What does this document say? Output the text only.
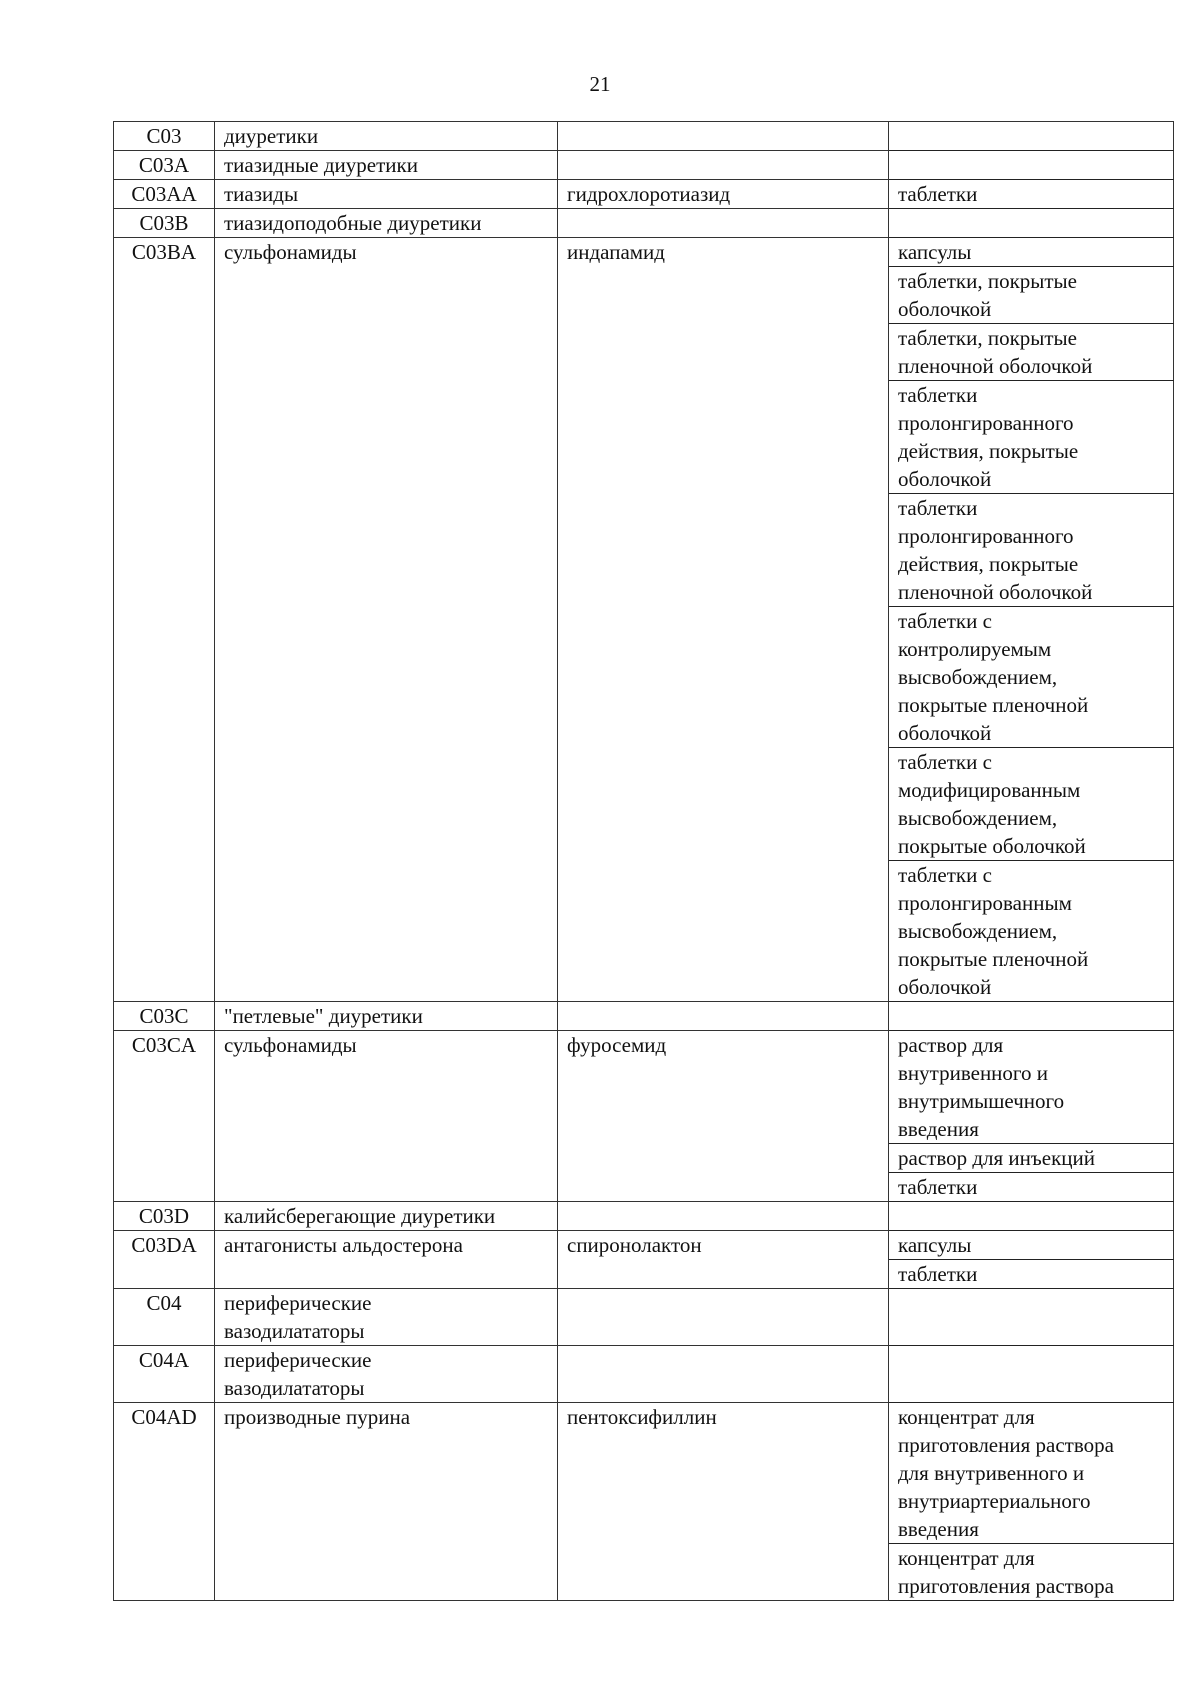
21
C03	диуретики		
C03A	тиазидные диуретики		
C03AA	тиазиды	гидрохлоротиазид	таблетки
C03B	тиазидоподобные диуретики		
C03BA	сульфонамиды	индапамид	капсулы
			таблетки, покрытые
оболочкой
			таблетки, покрытые
пленочной оболочкой
			таблетки
пролонгированного
действия, покрытые
оболочкой
			таблетки
пролонгированного
действия, покрытые
пленочной оболочкой
			таблетки с
контролируемым
высвобождением,
покрытые пленочной
оболочкой
			таблетки с
модифицированным
высвобождением,
покрытые оболочкой
			таблетки с
пролонгированным
высвобождением,
покрытые пленочной
оболочкой
C03C	"петлевые" диуретики		
C03CA	сульфонамиды	фуросемид	раствор для
внутривенного и
внутримышечного
введения
			раствор для инъекций
			таблетки
C03D	калийсберегающие диуретики		
C03DA	антагонисты альдостерона	спиронолактон	капсулы
			таблетки
C04	периферические
вазодилататоры		
C04A	периферические
вазодилататоры		
C04AD	производные пурина	пентоксифиллин	концентрат для
приготовления раствора
для внутривенного и
внутриартериального
введения
			концентрат для
приготовления раствора
